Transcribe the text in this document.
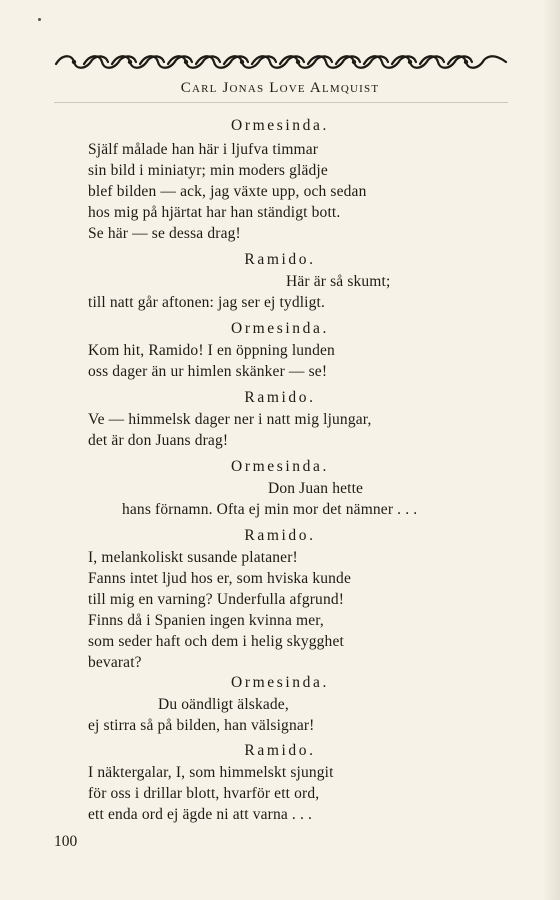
Carl Jonas Love Almquist
Ormesinda.
Själf målade han här i ljufva timmar
sin bild i miniatyr; min moders glädje
blef bilden — ack, jag växte upp, och sedan
hos mig på hjärtat har han ständigt bott.
Se här — se dessa drag!
Ramido.
Här är så skumt;
till natt går aftonen: jag ser ej tydligt.
Ormesinda.
Kom hit, Ramido! I en öppning lunden
oss dager än ur himlen skänker — se!
Ramido.
Ve — himmelsk dager ner i natt mig ljungar,
det är don Juans drag!
Ormesinda.
Don Juan hette
hans förnamn. Ofta ej min mor det nämner . . .
Ramido.
I, melankoliskt susande plataner!
Fanns intet ljud hos er, som hviska kunde
till mig en varning? Underfulla afgrund!
Finns då i Spanien ingen kvinna mer,
som seder haft och dem i helig skygghet
bevarat?
Ormesinda.
Du oändligt älskade,
ej stirra så på bilden, han välsignar!
Ramido.
I näktergalar, I, som himmelskt sjungit
för oss i drillar blott, hvarför ett ord,
ett enda ord ej ägde ni att varna . . .
100
